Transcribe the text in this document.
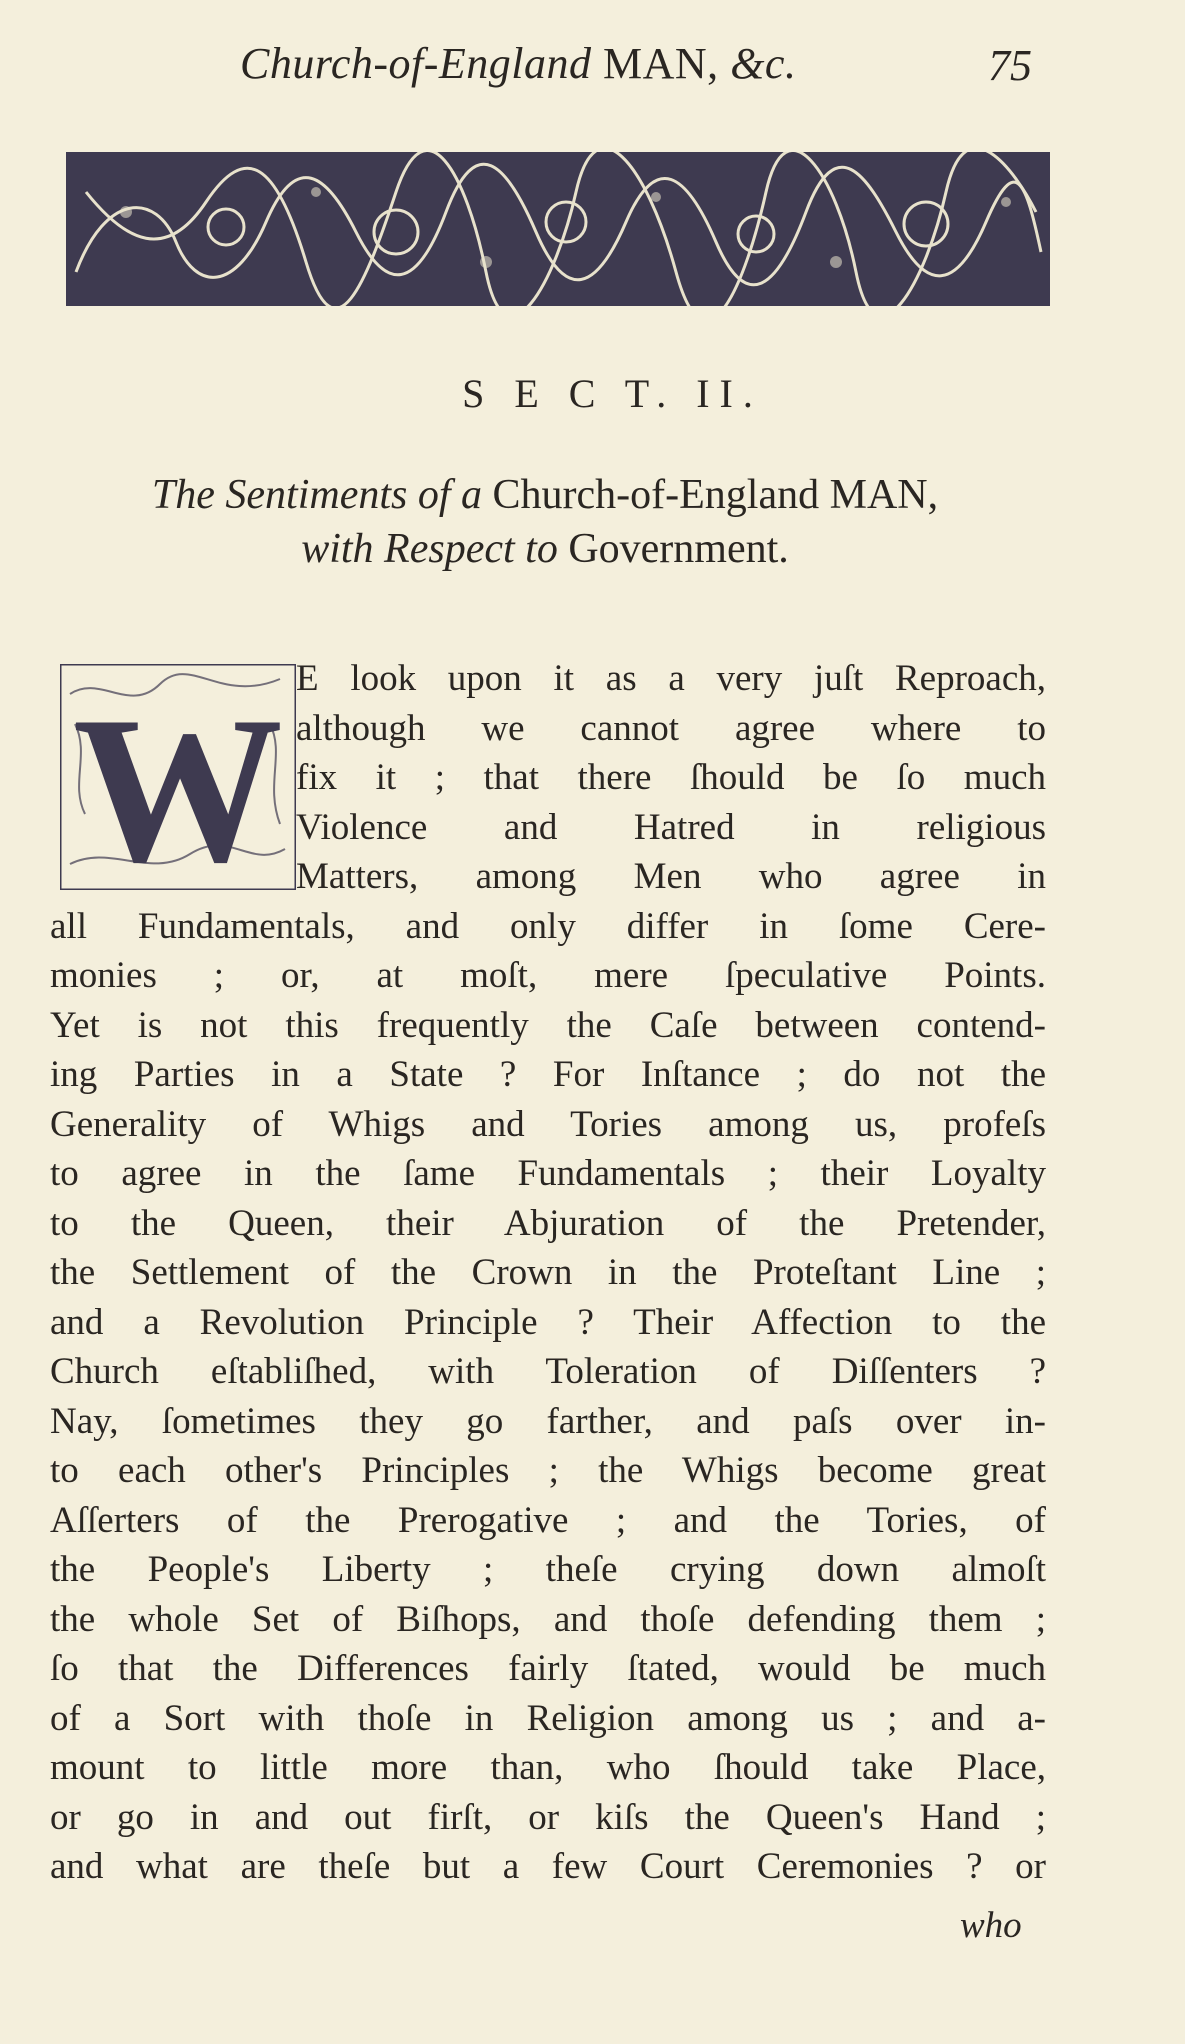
Church-of-England MAN, &c.	75
S E C T. II.
The Sentiments of a Church-of-England MAN,
with Respect to Government.
W E look upon it as a very juſt Reproach,
although we cannot agree where to
fix it ; that there ſhould be ſo much
Violence and Hatred in religious
Matters, among Men who agree in
all Fundamentals, and only differ in ſome Cere-
monies ; or, at moſt, mere ſpeculative Points.
Yet is not this frequently the Caſe between contend-
ing Parties in a State ? For Inſtance ; do not the
Generality of Whigs and Tories among us, profeſs
to agree in the ſame Fundamentals ; their Loyalty
to the Queen, their Abjuration of the Pretender,
the Settlement of the Crown in the Proteſtant Line ;
and a Revolution Principle ? Their Affection to the
Church eſtabliſhed, with Toleration of Diſſenters ?
Nay, ſometimes they go farther, and paſs over in-
to each other's Principles ; the Whigs become great
Aſſerters of the Prerogative ; and the Tories, of
the People's Liberty ; theſe crying down almoſt
the whole Set of Biſhops, and thoſe defending them ;
ſo that the Differences fairly ſtated, would be much
of a Sort with thoſe in Religion among us ; and a-
mount to little more than, who ſhould take Place,
or go in and out firſt, or kiſs the Queen's Hand ;
and what are theſe but a few Court Ceremonies ? or
who
